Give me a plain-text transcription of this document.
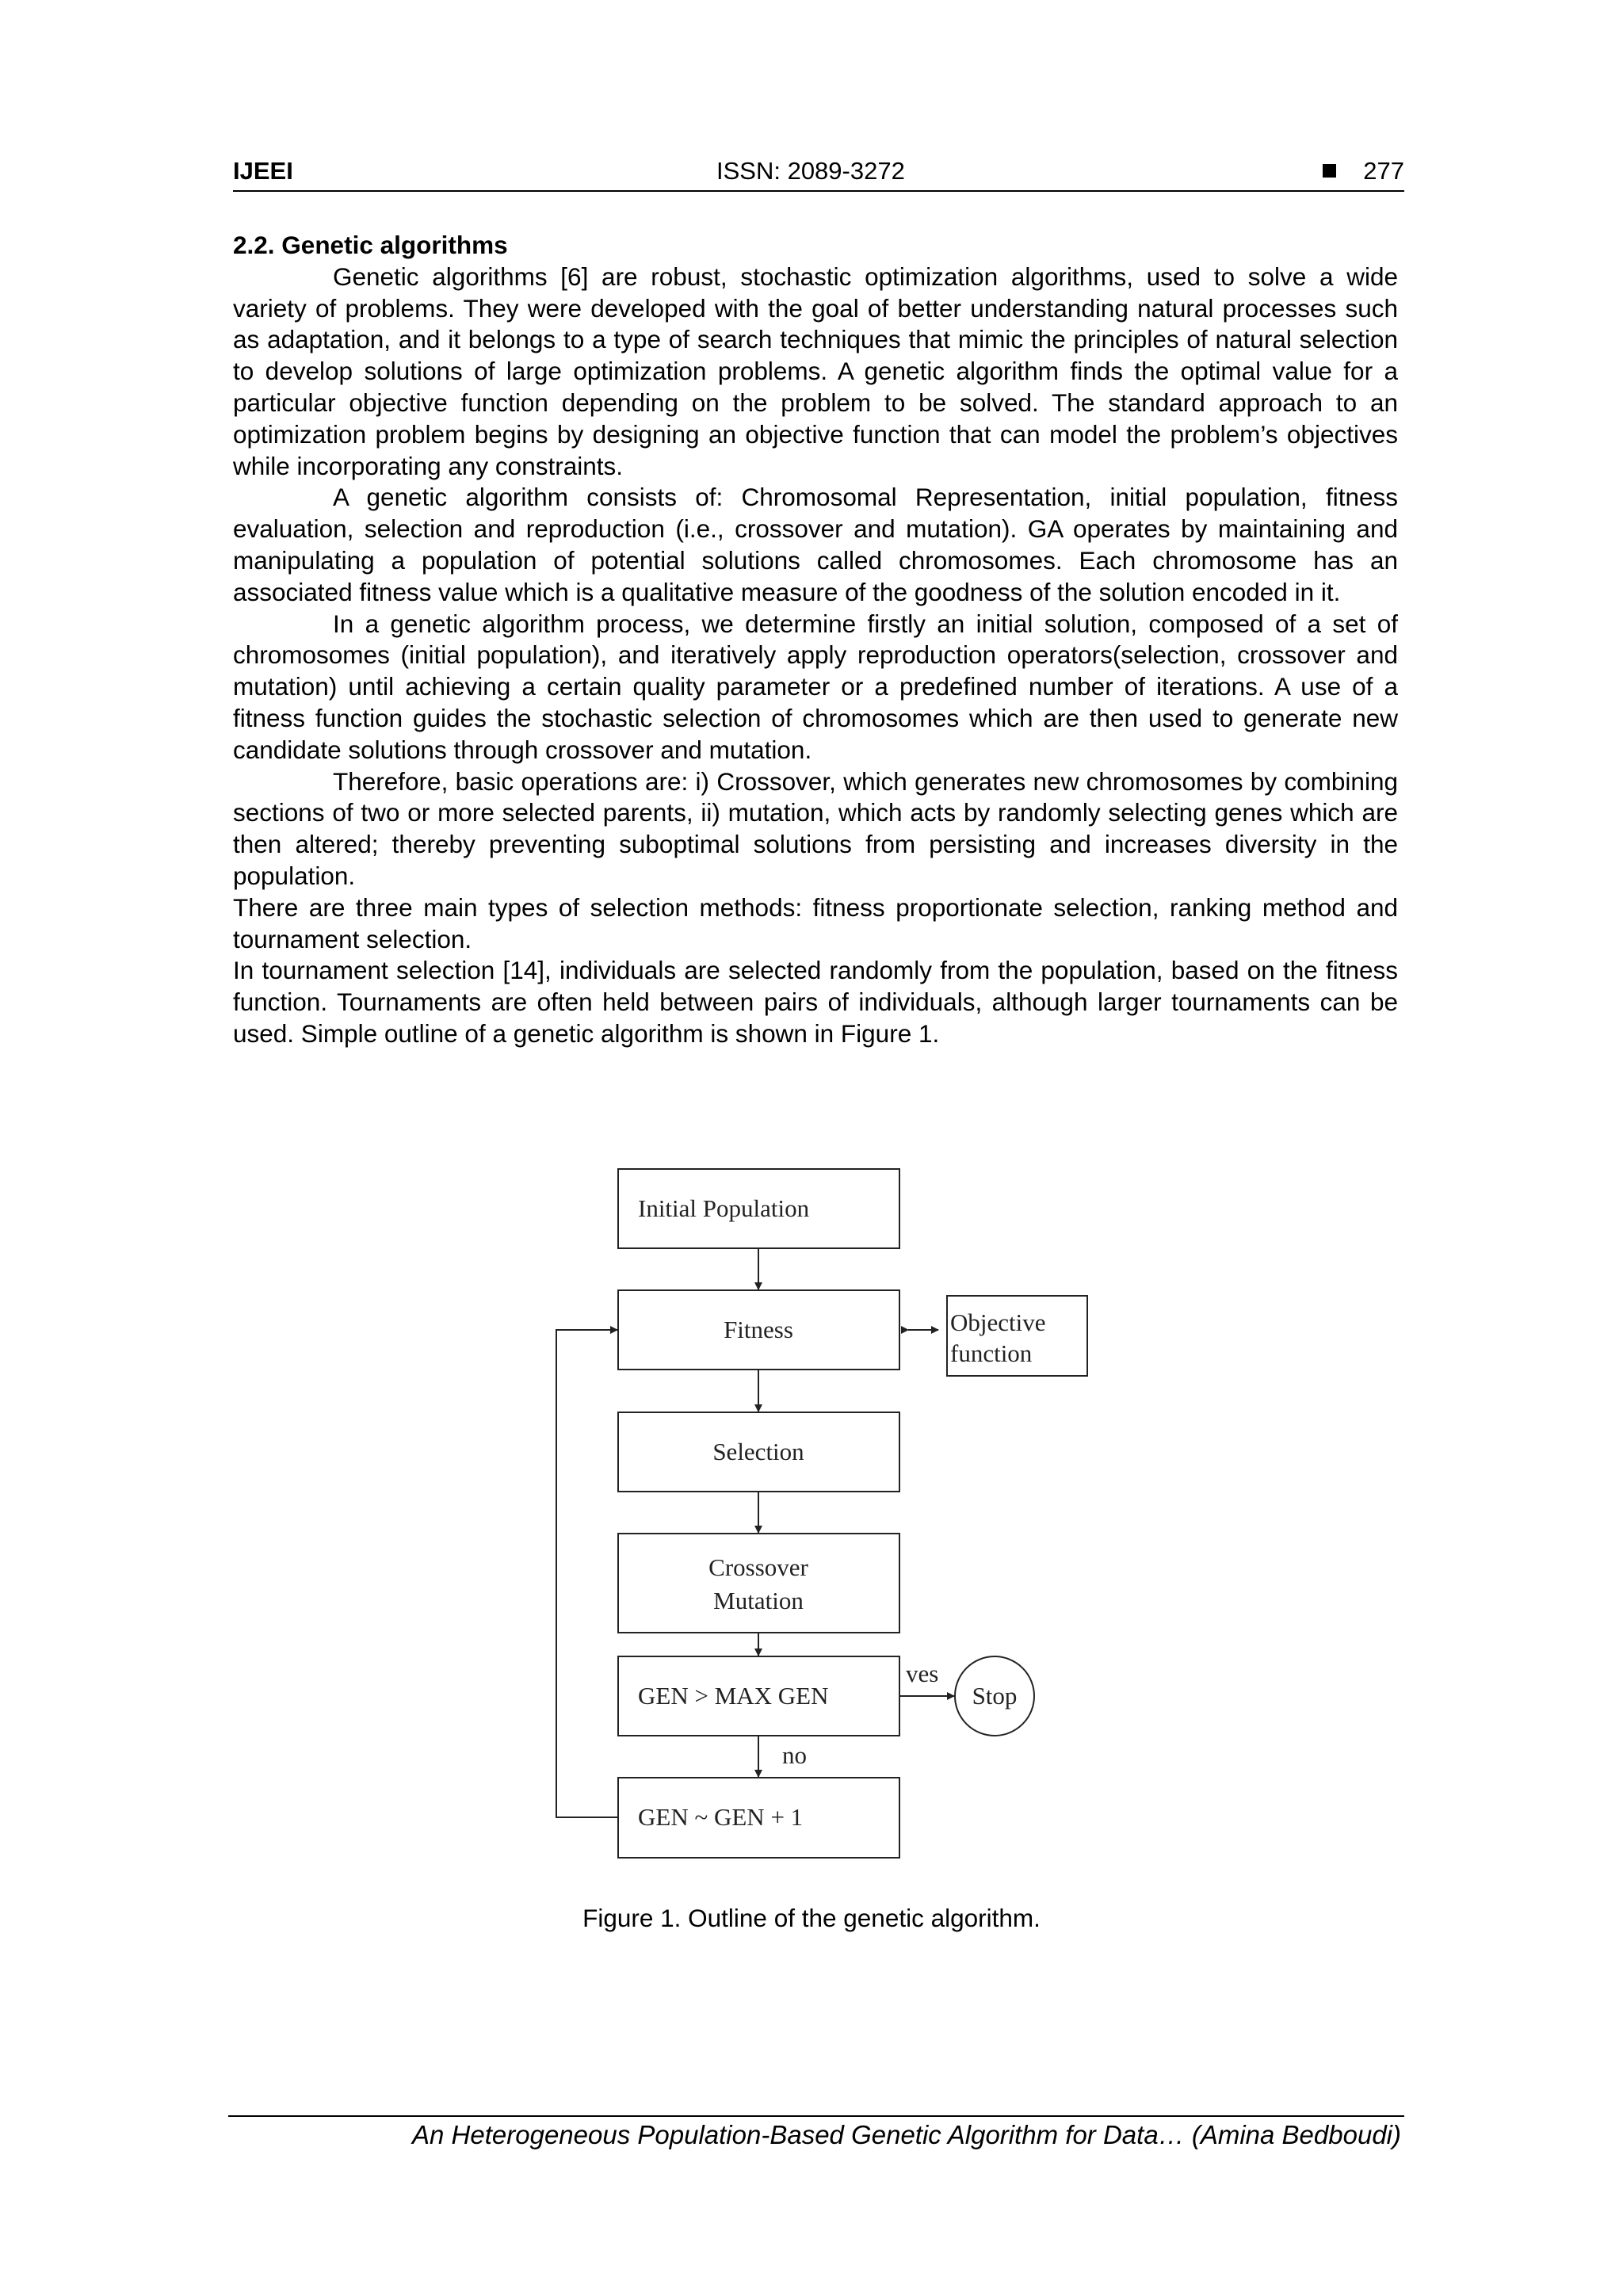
IJEEI	ISSN: 2089-3272	277

2.2. Genetic algorithms

Genetic algorithms [6] are robust, stochastic optimization algorithms, used to solve a wide variety of problems. They were developed with the goal of better understanding natural processes such as adaptation, and it belongs to a type of search techniques that mimic the principles of natural selection to develop solutions of large optimization problems. A genetic algorithm finds the optimal value for a particular objective function depending on the problem to be solved. The standard approach to an optimization problem begins by designing an objective function that can model the problem’s objectives while incorporating any constraints.

A genetic algorithm consists of: Chromosomal Representation, initial population, fitness evaluation, selection and reproduction (i.e., crossover and mutation). GA operates by maintaining and manipulating a population of potential solutions called chromosomes. Each chromosome has an associated fitness value which is a qualitative measure of the goodness of the solution encoded in it.

In a genetic algorithm process, we determine firstly an initial solution, composed of a set of chromosomes (initial population), and iteratively apply reproduction operators(selection, crossover and mutation) until achieving a certain quality parameter or a predefined number of iterations. A use of a fitness function guides the stochastic selection of chromosomes which are then used to generate new candidate solutions through crossover and mutation.

Therefore, basic operations are: i) Crossover, which generates new chromosomes by combining sections of two or more selected parents, ii) mutation, which acts by randomly selecting genes which are then altered; thereby preventing suboptimal solutions from persisting and increases diversity in the population.

There are three main types of selection methods: fitness proportionate selection, ranking method and tournament selection.

In tournament selection [14], individuals are selected randomly from the population, based on the fitness function. Tournaments are often held between pairs of individuals, although larger tournaments can be used. Simple outline of a genetic algorithm is shown in Figure 1.

Initial Population
Fitness	Objective
function
Selection
Crossover
Mutation
GEN > MAX GEN	Stop
GEN ~ GEN + 1
ves
no
Figure 1. Outline of the genetic algorithm.
An Heterogeneous Population-Based Genetic Algorithm for Data… (Amina Bedboudi)
